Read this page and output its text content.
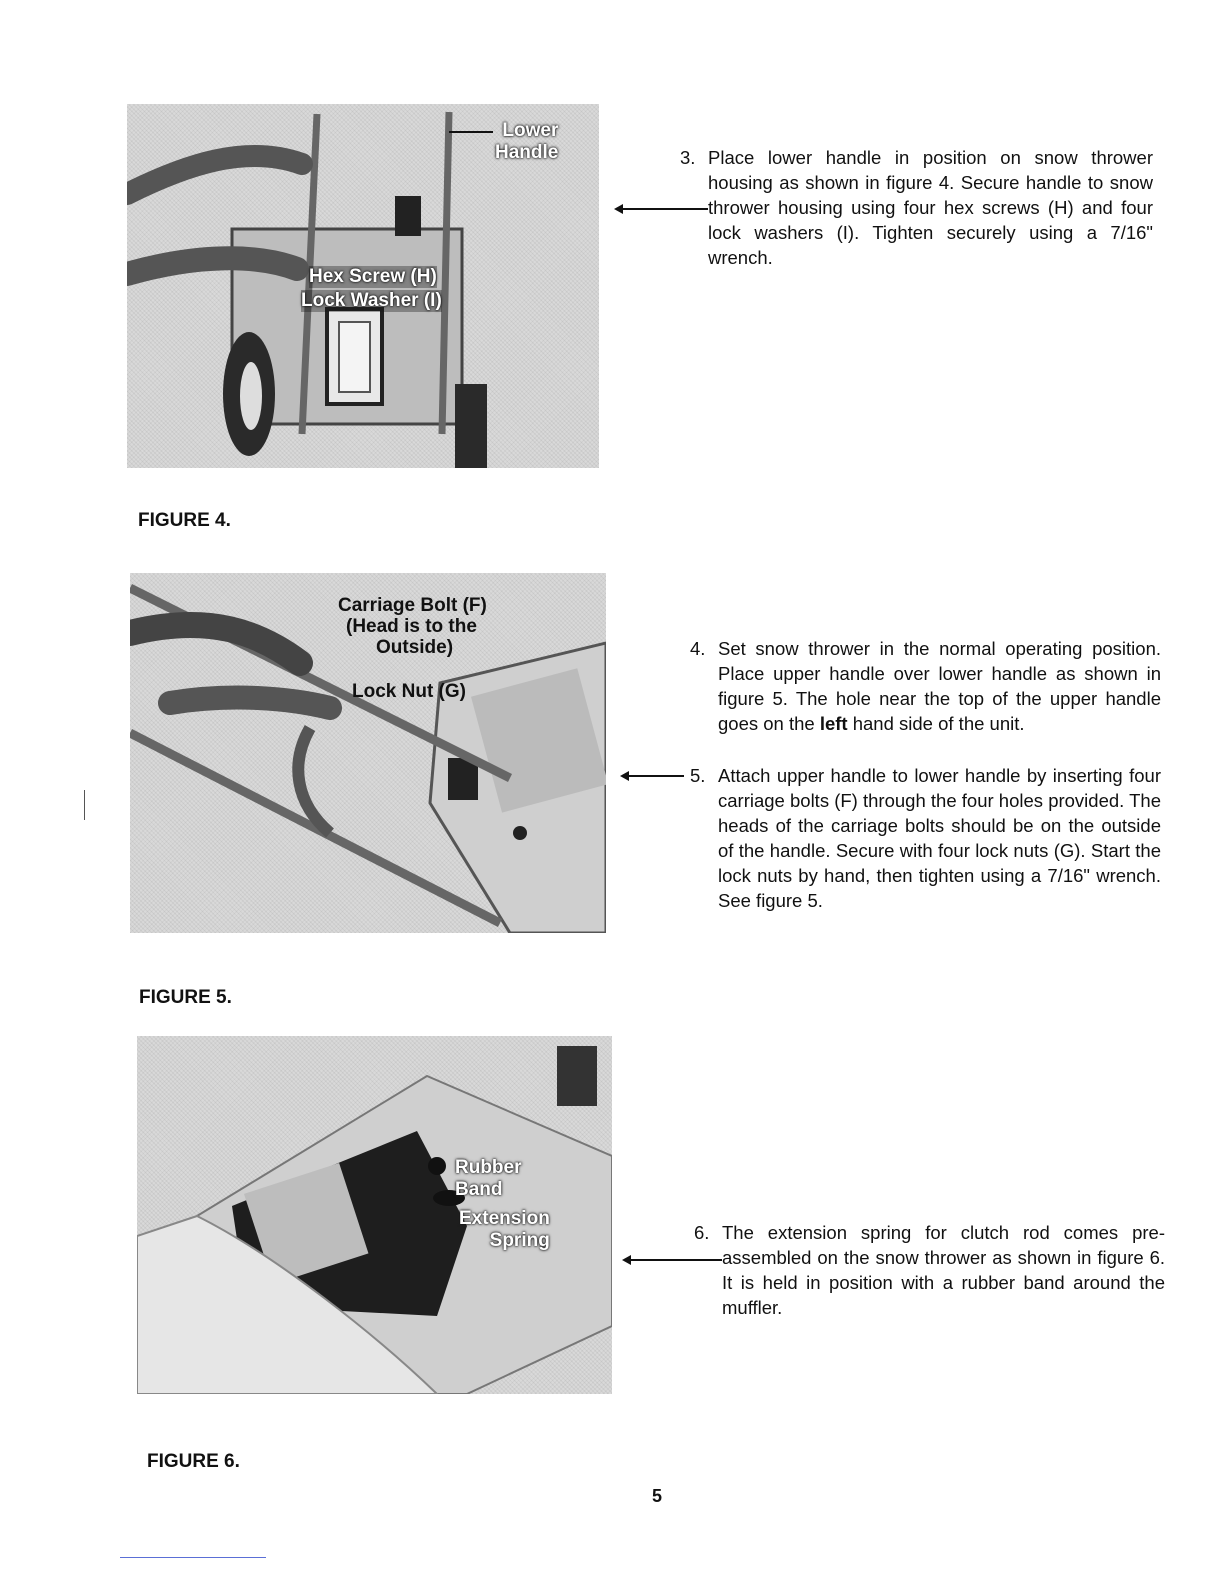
Lower
Handle
Hex Screw (H)
Lock Washer (I)
FIGURE 4.
Carriage Bolt (F)
(Head is to the
Outside)
Lock Nut (G)
FIGURE 5.
Rubber
Band
Extension
Spring
FIGURE 6.
3. Place lower handle in position on snow thrower housing as shown in figure 4. Secure handle to snow thrower housing using four hex screws (H) and four lock washers (I). Tighten securely using a 7/16" wrench.
4. Set snow thrower in the normal operating position. Place upper handle over lower handle as shown in figure 5. The hole near the top of the upper handle goes on the left hand side of the unit.
5. Attach upper handle to lower handle by inserting four carriage bolts (F) through the four holes provided. The heads of the carriage bolts should be on the outside of the handle. Secure with four lock nuts (G). Start the lock nuts by hand, then tighten using a 7/16" wrench. See figure 5.
6. The extension spring for clutch rod comes pre-assembled on the snow thrower as shown in figure 6. It is held in position with a rubber band around the muffler.
5
